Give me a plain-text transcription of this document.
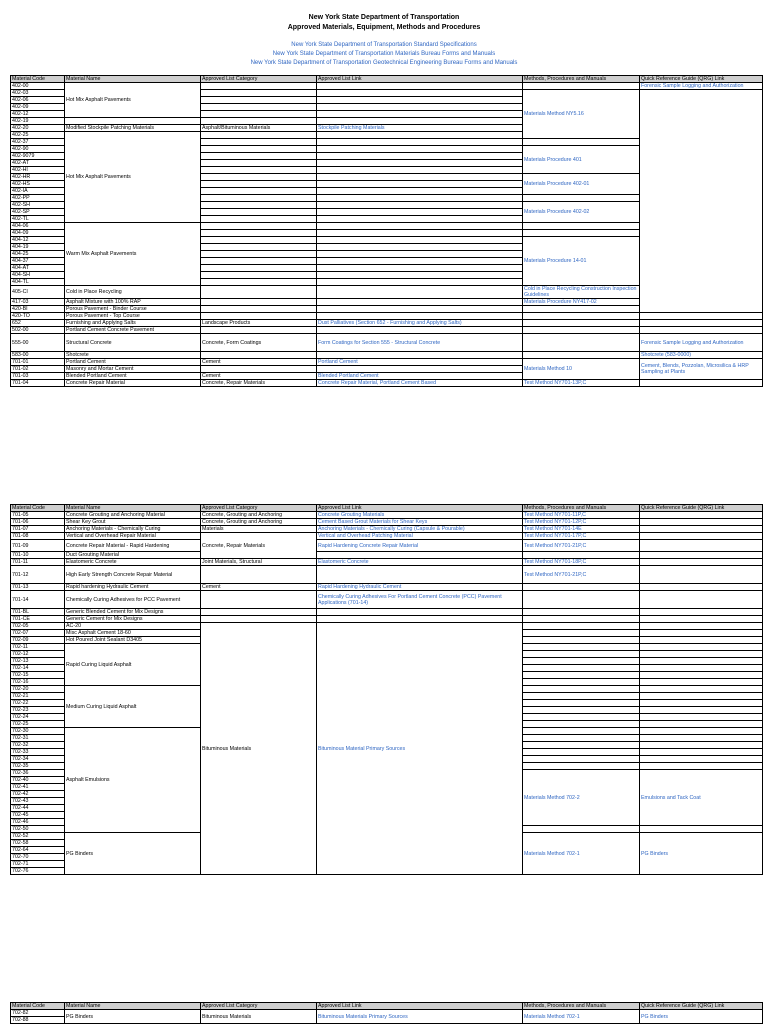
New York State Department of Transportation
Approved Materials, Equipment, Methods and Procedures
New York State Department of Transportation Standard Specifications
New York State Department of Transportation Materials Bureau Forms and Manuals
New York State Department of Transportation Geotechnical Engineering Bureau Forms and Manuals
Material Code	Material Name	Approved List Category	Approved List Link	Methods, Procedures and Manuals	Quick Reference Guide (QRG) Link	
402-00	Hot Mix Asphalt Pavements				Forensic Sample Logging and Authorization	

402-03				Materials Method NY5.16		
402-06						
402-09						
402-12						
402-19						
402-20	Modified Stockpile Patching Materials	Asphalt/Bituminous Materials	Stockpile Patching Materials			
402-25	Hot Mix Asphalt Pavements					
402-37						
402-90				Materials Procedure 401	
402-9079						
402-AT						
402-HI						
402-HR				Materials Procedure 402-01		
402-HS						
402-IA						
402-PP						
402-SH				Materials Procedure 402-02		
402-SP						
402-TL						
404-06	Warm Mix Asphalt Pavements					
404-09						
404-12				Materials Procedure 14-01		
404-19						
404-25						
404-37						
404-AT						
404-SH						
404-TL						
405-CI	Cold in Place Recycling			Cold in Place Recycling Construction Inspection Guidelines		
417-03	Asphalt Mixture with 100% RAP			Materials Procedure NY417-02		
420-BI	Porous Pavement - Binder Course					
420-TO	Porous Pavement - Top Course					
652	Furnishing and Applying Salts	Landscape Products	Dust Palliatives (Section 652 - Furnishing and Applying Salts)			
502-00	Portland Cement Concrete Pavement					
555-00	Structural Concrete	Concrete, Form Coatings	Form Coatings for Section 555 - Structural Concrete		Forensic Sample Logging and Authorization	
583-00	Shotcrete				Shotcrete (583-0000)	
701-01	Portland Cement	Cement	Portland Cement	Materials Method 10	Cement, Blends, Pozzolan, Microsilica & HRP Sampling at Plants	
701-02	Masonry and Mortar Cement					
701-03	Blended Portland Cement	Cement	Blended Portland Cement			
701-04	Concrete Repair Material	Concrete, Repair Materials	Concrete Repair Material, Portland Cement Based	Test Method NY701-13P,C		
Material Code	Material Name	Approved List Category	Approved List Link	Methods, Procedures and Manuals	Quick Reference Guide (QRG) Link
701-05	Concrete Grouting and Anchoring Material	Concrete, Grouting and Anchoring	Concrete Grouting Materials	Test Method NY701-11P,C	
701-06	Shear Key Grout	Concrete, Grouting and Anchoring	Cement Based Grout Materials for Shear Keys	Test Method NY701-12P,C	
701-07	Anchoring Materials - Chemically Curing	Materials	Anchoring Materials - Chemically Curing (Capsule & Pourable)	Test Method NY701-14E	
701-08	Vertical and Overhead Repair Material	Concrete, Repair Materials	Vertical and Overhead Patching Material	Test Method NY701-17P,C	
701-09	Concrete Repair Material - Rapid Hardening		Rapid Hardening Concrete Repair Material	Test Method NY701-21P,C	
701-10	Duct Grouting Material				
701-11	Elastomeric Concrete	Joint Materials, Structural	Elastomeric Concrete	Test Method NY701-18P,C	
701-12	High Early Strength Concrete Repair Material			Test Method NY701-21P,C	
701-13	Rapid hardening Hydraulic Cement	Cement	Rapid Hardening Hydraulic Cement		
701-14	Chemically Curing Adhesives for PCC Pavement		Chemically Curing Adhesives For Portland Cement Concrete (PCC) Pavement Applications (701-14)		
701-BL	Generic Blended Cement for Mix Designs				
701-CE	Generic Cement for Mix Designs				
702-05	AC-20	Bituminous Materials	Bituminous Material Primary Sources		
702-07	Misc Asphalt Cement 18-60				
702-09	Hot Poured Joint Sealant D3405				
702-11	Rapid Curing Liquid Asphalt				
702-12					
702-13					
702-14					
702-15					
702-16					
702-20	Medium Curing Liquid Asphalt				
702-21					
702-22					
702-23					
702-24					
702-25					
702-30	Asphalt Emulsions				
702-31					
702-32					
702-33					
702-34					
702-35					
702-36				Materials Method 702-2	Emulsions and Tack Coat
702-40					
702-41					
702-42					
702-43					
702-44					
702-45					
702-46					
702-50					
702-52	PG Binders			Materials Method 702-1	PG Binders
702-58					
702-64					
702-70					
702-71					
702-76					
Material Code	Material Name	Approved List Category	Approved List Link	Methods, Procedures and Manuals	Quick Reference Guide (QRG) Link
702-82	PG Binders	Bituminous Materials	Bituminous Materials Primary Sources	Materials Method 702-1	PG Binders
702-88					
